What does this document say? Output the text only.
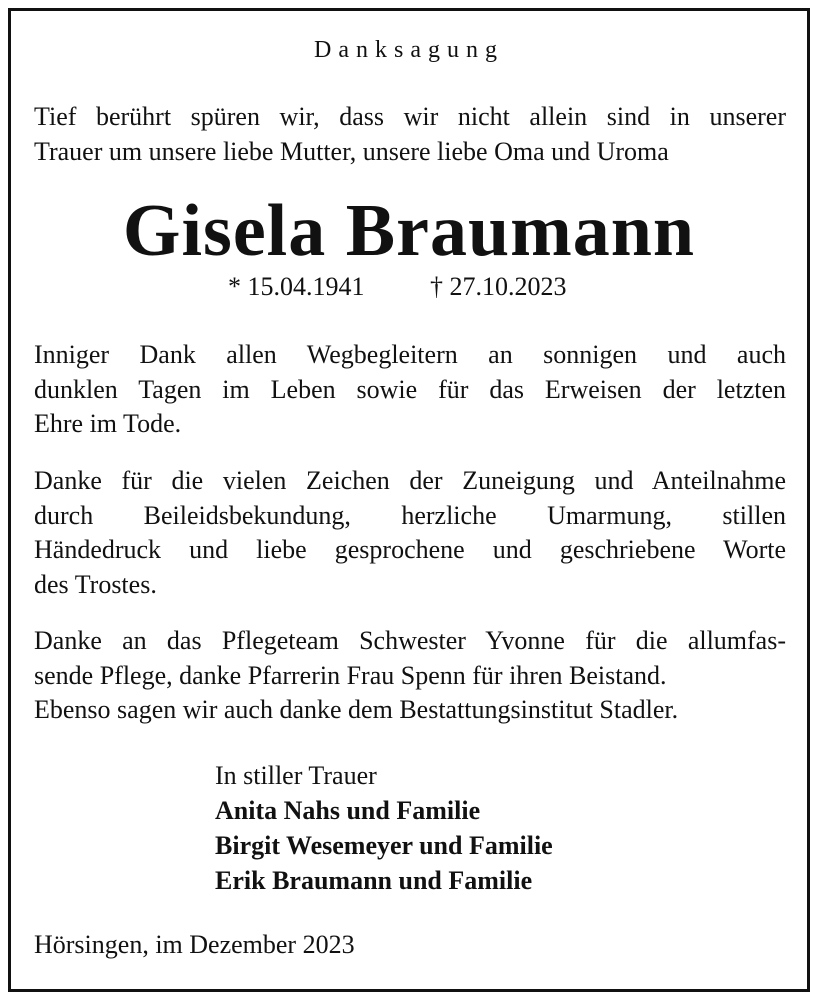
Danksagung
Tief berührt spüren wir, dass wir nicht allein sind in unserer
Trauer um unsere liebe Mutter, unsere liebe Oma und Uroma
Gisela Braumann
* 15.04.1941	† 27.10.2023
Inniger Dank allen Wegbegleitern an sonnigen und auch
dunklen Tagen im Leben sowie für das Erweisen der letzten
Ehre im Tode.
Danke für die vielen Zeichen der Zuneigung und Anteilnahme
durch Beileidsbekundung, herzliche Umarmung, stillen
Händedruck und liebe gesprochene und geschriebene Worte
des Trostes.
Danke an das Pflegeteam Schwester Yvonne für die allumfas-
sende Pflege, danke Pfarrerin Frau Spenn für ihren Beistand.
Ebenso sagen wir auch danke dem Bestattungsinstitut Stadler.
In stiller Trauer
Anita Nahs und Familie
Birgit Wesemeyer und Familie
Erik Braumann und Familie
Hörsingen, im Dezember 2023
